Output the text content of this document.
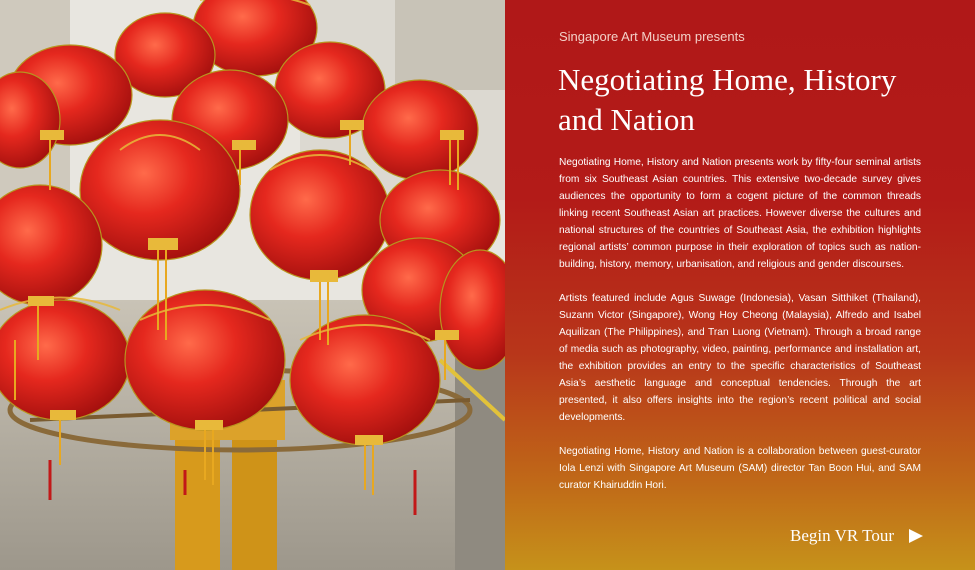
Singapore Art Museum presents
Negotiating Home, History and Nation

Negotiating Home, History and Nation presents work by fifty-four seminal artists from six Southeast Asian countries. This extensive two-decade survey gives audiences the opportunity to form a cogent picture of the common threads linking recent Southeast Asian art practices. However diverse the cultures and national structures of the countries of Southeast Asia, the exhibition highlights regional artists’ common purpose in their exploration of topics such as nation-building, history, memory, urbanisation, and religious and gender discourses.

Artists featured include Agus Suwage (Indonesia), Vasan Sitthiket (Thailand), Suzann Victor (Singapore), Wong Hoy Cheong (Malaysia), Alfredo and Isabel Aquilizan (The Philippines), and Tran Luong (Vietnam). Through a broad range of media such as photography, video, painting, performance and installation art, the exhibition provides an entry to the specific characteristics of Southeast Asia’s aesthetic language and conceptual tendencies. Through the art presented, it also offers insights into the region’s recent political and social developments.

Negotiating Home, History and Nation is a collaboration between guest-curator Iola Lenzi with Singapore Art Museum (SAM) director Tan Boon Hui, and SAM curator Khairuddin Hori.

Begin VR Tour
